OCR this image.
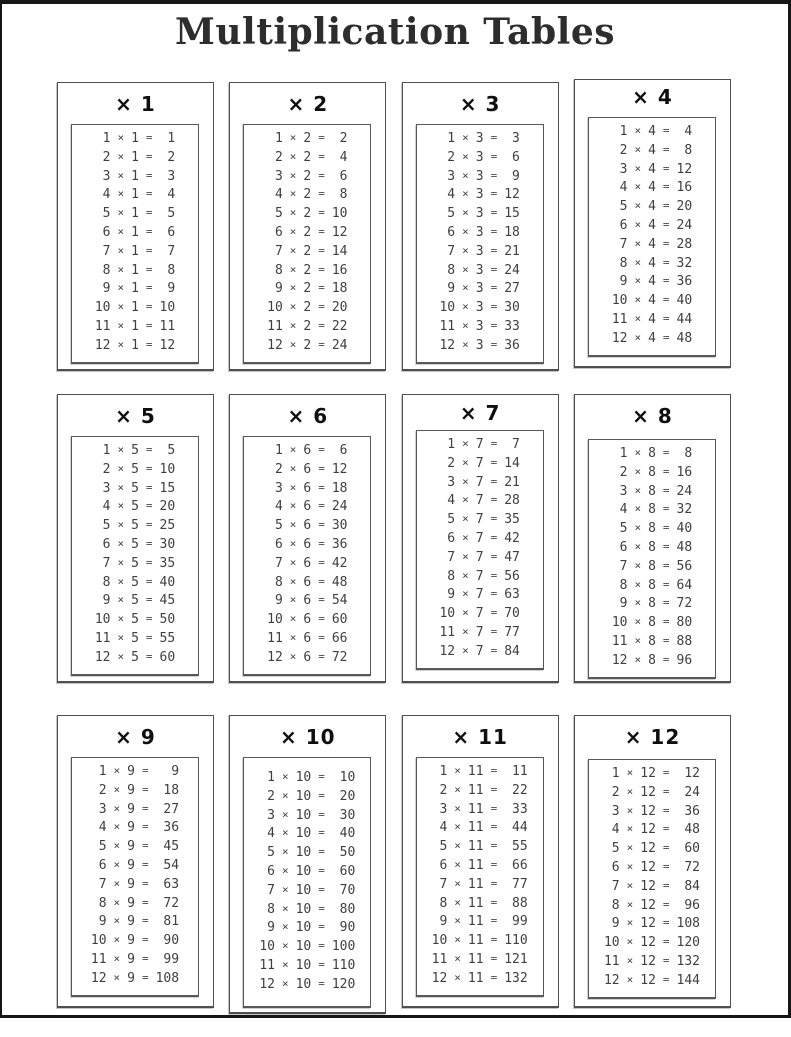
Multiplication Tables
× 1
1 × 1 =	1
2 × 1 =	2
3 × 1 =	3
4 × 1 =	4
5 × 1 =	5
6 × 1 =	6
7 × 1 =	7
8 × 1 =	8
9 × 1 =	9
10 × 1 = 10
11 × 1 = 11
12 × 1 = 12
× 2
1 × 2 =	2
2 × 2 =	4
3 × 2 =	6
4 × 2 =	8
5 × 2 = 10
6 × 2 = 12
7 × 2 = 14
8 × 2 = 16
9 × 2 = 18
10 × 2 = 20
11 × 2 = 22
12 × 2 = 24
× 3
1 × 3 =	3
2 × 3 =	6
3 × 3 =	9
4 × 3 = 12
5 × 3 = 15
6 × 3 = 18
7 × 3 = 21
8 × 3 = 24
9 × 3 = 27
10 × 3 = 30
11 × 3 = 33
12 × 3 = 36
× 4
1 × 4 =	4
2 × 4 =	8
3 × 4 = 12
4 × 4 = 16
5 × 4 = 20
6 × 4 = 24
7 × 4 = 28
8 × 4 = 32
9 × 4 = 36
10 × 4 = 40
11 × 4 = 44
12 × 4 = 48
× 5
1 × 5 =	5
2 × 5 = 10
3 × 5 = 15
4 × 5 = 20
5 × 5 = 25
6 × 5 = 30
7 × 5 = 35
8 × 5 = 40
9 × 5 = 45
10 × 5 = 50
11 × 5 = 55
12 × 5 = 60
× 6
1 × 6 =	6
2 × 6 = 12
3 × 6 = 18
4 × 6 = 24
5 × 6 = 30
6 × 6 = 36
7 × 6 = 42
8 × 6 = 48
9 × 6 = 54
10 × 6 = 60
11 × 6 = 66
12 × 6 = 72
× 7
1 × 7 =	7
2 × 7 = 14
3 × 7 = 21
4 × 7 = 28
5 × 7 = 35
6 × 7 = 42
7 × 7 = 47
8 × 7 = 56
9 × 7 = 63
10 × 7 = 70
11 × 7 = 77
12 × 7 = 84
× 8
1 × 8 =	8
2 × 8 = 16
3 × 8 = 24
4 × 8 = 32
5 × 8 = 40
6 × 8 = 48
7 × 8 = 56
8 × 8 = 64
9 × 8 = 72
10 × 8 = 80
11 × 8 = 88
12 × 8 = 96
× 9
1 × 9 =	9
2 × 9 =	18
3 × 9 =	27
4 × 9 =	36
5 × 9 =	45
6 × 9 =	54
7 × 9 =	63
8 × 9 =	72
9 × 9 =	81
10 × 9 =	90
11 × 9 =	99
12 × 9 = 108
× 10
1 × 10 =	10
2 × 10 =	20
3 × 10 =	30
4 × 10 =	40
5 × 10 =	50
6 × 10 =	60
7 × 10 =	70
8 × 10 =	80
9 × 10 =	90
10 × 10 = 100
11 × 10 = 110
12 × 10 = 120
× 11
1 × 11 =	11
2 × 11 =	22
3 × 11 =	33
4 × 11 =	44
5 × 11 =	55
6 × 11 =	66
7 × 11 =	77
8 × 11 =	88
9 × 11 =	99
10 × 11 = 110
11 × 11 = 121
12 × 11 = 132
× 12
1 × 12 =	12
2 × 12 =	24
3 × 12 =	36
4 × 12 =	48
5 × 12 =	60
6 × 12 =	72
7 × 12 =	84
8 × 12 =	96
9 × 12 = 108
10 × 12 = 120
11 × 12 = 132
12 × 12 = 144
